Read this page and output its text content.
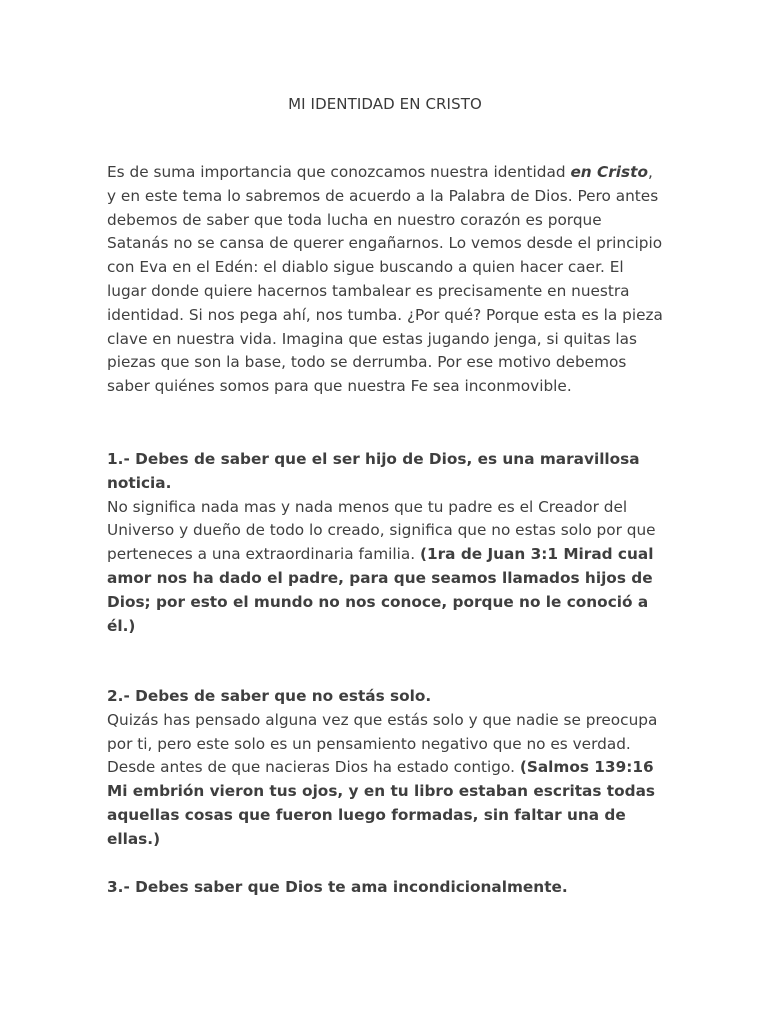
MI IDENTIDAD EN CRISTO

Es de suma importancia que conozcamos nuestra identidad en Cristo, y en este tema lo sabremos de acuerdo a la Palabra de Dios. Pero antes debemos de saber que toda lucha en nuestro corazón es porque Satanás no se cansa de querer engañarnos. Lo vemos desde el principio con Eva en el Edén: el diablo sigue buscando a quien hacer caer. El lugar donde quiere hacernos tambalear es precisamente en nuestra identidad. Si nos pega ahí, nos tumba. ¿Por qué? Porque esta es la pieza clave en nuestra vida. Imagina que estas jugando jenga, si quitas las piezas que son la base, todo se derrumba. Por ese motivo debemos saber quiénes somos para que nuestra Fe sea inconmovible.

1.- Debes de saber que el ser hijo de Dios, es una maravillosa noticia.
No significa nada mas y nada menos que tu padre es el Creador del Universo y dueño de todo lo creado, significa que no estas solo por que perteneces a una extraordinaria familia. (1ra de Juan 3:1 Mirad cual amor nos ha dado el padre, para que seamos llamados hijos de Dios; por esto el mundo no nos conoce, porque no le conoció a él.)
2.- Debes de saber que no estás solo.
Quizás has pensado alguna vez que estás solo y que nadie se preocupa por ti, pero este solo es un pensamiento negativo que no es verdad. Desde antes de que nacieras Dios ha estado contigo. (Salmos 139:16 Mi embrión vieron tus ojos, y en tu libro estaban escritas todas aquellas cosas que fueron luego formadas, sin faltar una de ellas.)
3.- Debes saber que Dios te ama incondicionalmente.
